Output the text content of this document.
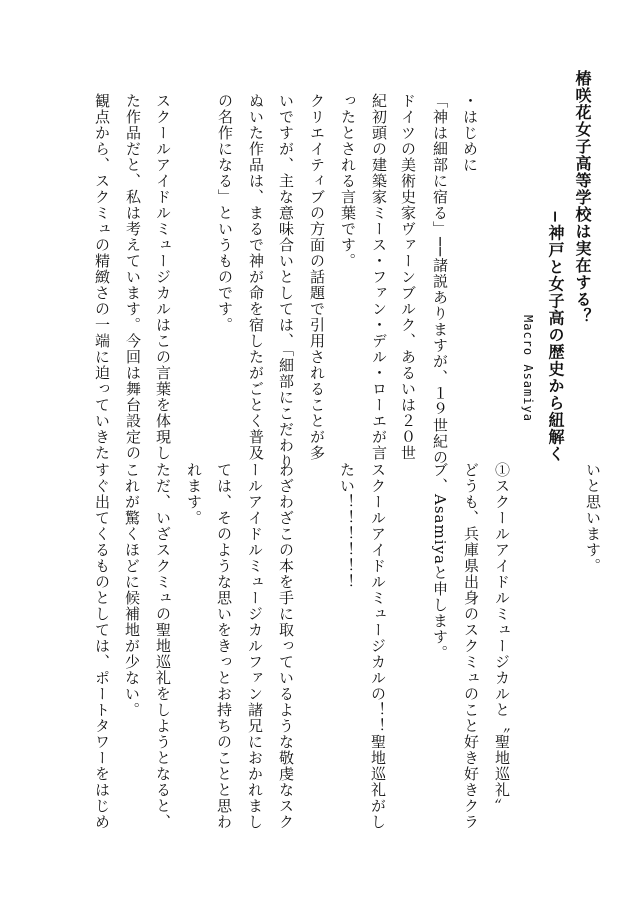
椿咲花女子高等学校は実在する？
−神戸と女子高の歴史から紐解く
Macro Asamiya
・はじめに
「神は細部に宿る」──諸説ありますが、１９世紀の
ドイツの美術史家ヴァーンブルク、あるいは２０世
紀初頭の建築家ミース・ファン・デル・ローエが言
ったとされる言葉です。
クリエイティブの方面の話題で引用されることが多
いですが、主な意味合いとしては、「細部にこだわり
ぬいた作品は、まるで神が命を宿したがごとく普及
の名作になる」というものです。
スクールアイドルミュージカルはこの言葉を体現し
た作品だと、私は考えています。今回は舞台設定の
観点から、スクミュの精緻さの一端に迫っていきた
いと思います。
①スクールアイドルミュージカルと〝聖地巡礼〟
どうも、兵庫県出身のスクミュのこと好き好きクラ
ブ、Asamiyaと申します。
スクールアイドルミュージカルの！！聖地巡礼がし
たい！！！！！！
わざわざこの本を手に取っているような敬虔なスク
ールアイドルミュージカルファン諸兄におかれまし
ては、そのような思いをきっとお持ちのことと思わ
れます。
ただ、いざスクミュの聖地巡礼をしようとなると、
これが驚くほどに候補地が少ない。
すぐ出てくるものとしては、ポートタワーをはじめ
